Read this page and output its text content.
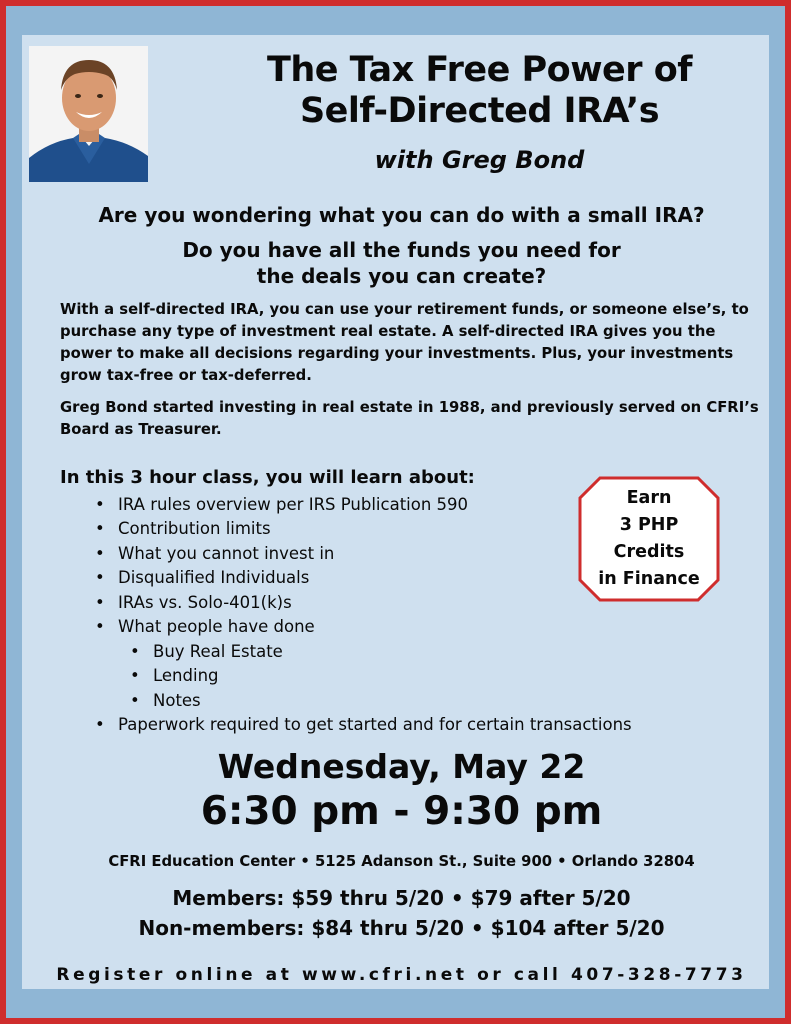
The Tax Free Power of
Self-Directed IRA’s
with Greg Bond
Are you wondering what you can do with a small IRA?
Do you have all the funds you need for
the deals you can create?
With a self-directed IRA, you can use your retirement funds, or someone else’s, to purchase any type of investment real estate. A self-directed IRA gives you the power to make all decisions regarding your investments. Plus, your investments grow tax-free or tax-deferred.
Greg Bond started investing in real estate in 1988, and previously served on CFRI’s Board as Treasurer.
In this 3 hour class, you will learn about:
• IRA rules overview per IRS Publication 590
• Contribution limits
• What you cannot invest in
• Disqualified Individuals
• IRAs vs. Solo-401(k)s
• What people have done
• Buy Real Estate
• Lending
• Notes
• Paperwork required to get started and for certain transactions
Earn
3 PHP
Credits
in Finance
Wednesday, May 22
6:30 pm - 9:30 pm
CFRI Education Center • 5125 Adanson St., Suite 900 • Orlando 32804
Members: $59 thru 5/20 • $79 after 5/20
Non-members: $84 thru 5/20 • $104 after 5/20
Register online at www.cfri.net or call 407-328-7773
